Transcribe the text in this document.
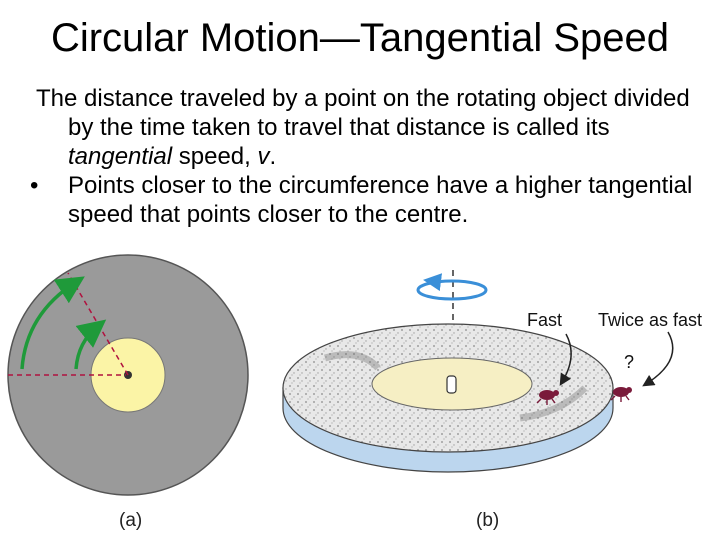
Circular Motion—Tangential Speed

The distance traveled by a point on the rotating object divided by the time taken to travel that distance is called its tangential speed, v.

• Points closer to the circumference have a higher tangential speed that points closer to the centre.

Fast Twice as fast
?
(a)	(b)
